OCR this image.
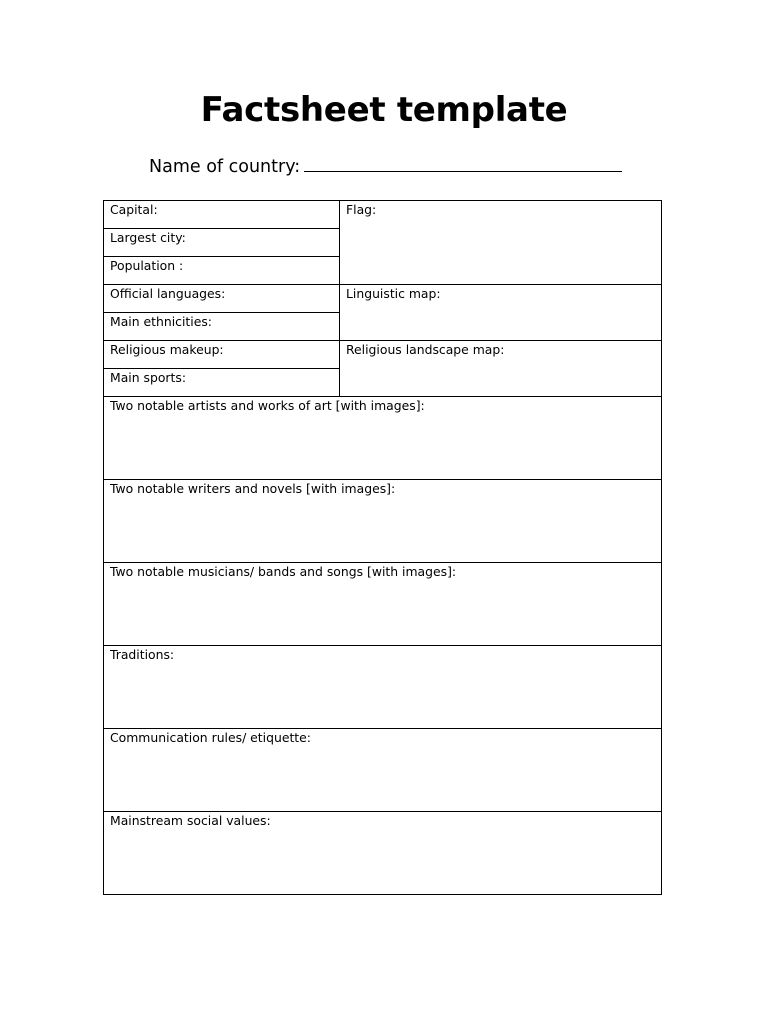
Factsheet template
Name of country:
Capital:	Flag:
Largest city:	
Population :	
Official languages:	Linguistic map:
Main ethnicities:	
Religious makeup:	Religious landscape map:
Main sports:	
Two notable artists and works of art [with images]:	
Two notable writers and novels [with images]:	
Two notable musicians/ bands and songs [with images]:	
Traditions:	
Communication rules/ etiquette:	
Mainstream social values:	
